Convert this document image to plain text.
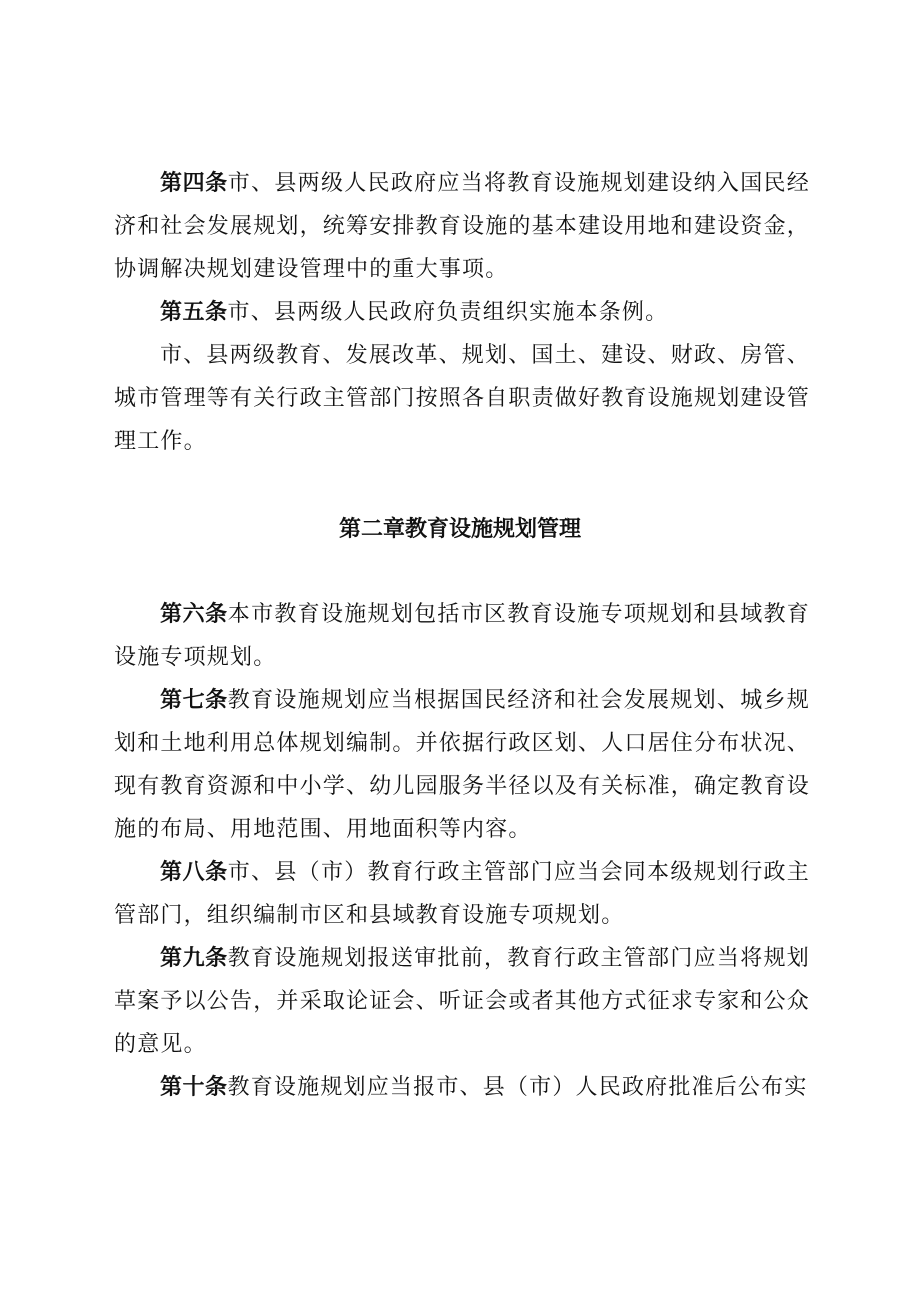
第四条市、县两级人民政府应当将教育设施规划建设纳入国民经济和社会发展规划，统筹安排教育设施的基本建设用地和建设资金，协调解决规划建设管理中的重大事项。

第五条市、县两级人民政府负责组织实施本条例。

市、县两级教育、发展改革、规划、国土、建设、财政、房管、城市管理等有关行政主管部门按照各自职责做好教育设施规划建设管理工作。

第二章教育设施规划管理

第六条本市教育设施规划包括市区教育设施专项规划和县域教育设施专项规划。

第七条教育设施规划应当根据国民经济和社会发展规划、城乡规划和土地利用总体规划编制。并依据行政区划、人口居住分布状况、现有教育资源和中小学、幼儿园服务半径以及有关标准，确定教育设施的布局、用地范围、用地面积等内容。

第八条市、县（市）教育行政主管部门应当会同本级规划行政主管部门，组织编制市区和县域教育设施专项规划。

第九条教育设施规划报送审批前，教育行政主管部门应当将规划草案予以公告，并采取论证会、听证会或者其他方式征求专家和公众的意见。

第十条教育设施规划应当报市、县（市）人民政府批准后公布实
